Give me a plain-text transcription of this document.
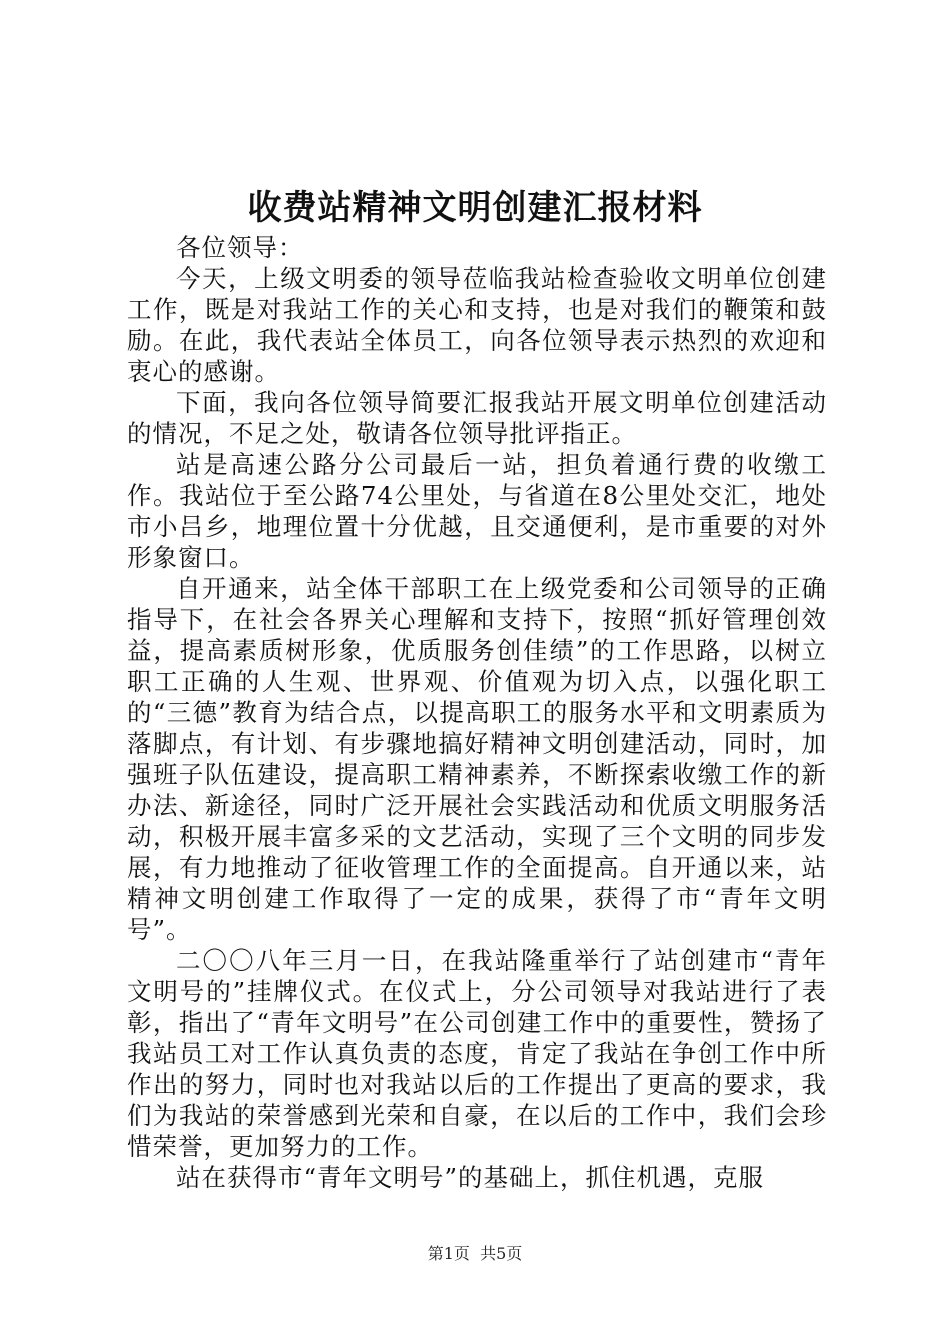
收费站精神文明创建汇报材料

各位领导：

今天，上级文明委的领导莅临我站检查验收文明单位创建工作，既是对我站工作的关心和支持，也是对我们的鞭策和鼓励。在此，我代表站全体员工，向各位领导表示热烈的欢迎和衷心的感谢。

下面，我向各位领导简要汇报我站开展文明单位创建活动的情况，不足之处，敬请各位领导批评指正。

站是高速公路分公司最后一站，担负着通行费的收缴工作。我站位于至公路74公里处，与省道在8公里处交汇，地处市小吕乡，地理位置十分优越，且交通便利，是市重要的对外形象窗口。

自开通来，站全体干部职工在上级党委和公司领导的正确指导下，在社会各界关心理解和支持下，按照“抓好管理创效益，提高素质树形象，优质服务创佳绩”的工作思路，以树立职工正确的人生观、世界观、价值观为切入点，以强化职工的“三德”教育为结合点，以提高职工的服务水平和文明素质为落脚点，有计划、有步骤地搞好精神文明创建活动，同时，加强班子队伍建设，提高职工精神素养，不断探索收缴工作的新办法、新途径，同时广泛开展社会实践活动和优质文明服务活动，积极开展丰富多采的文艺活动，实现了三个文明的同步发展，有力地推动了征收管理工作的全面提高。自开通以来，站精神文明创建工作取得了一定的成果，获得了市“青年文明号”。

二〇〇八年三月一日，在我站隆重举行了站创建市“青年文明号的”挂牌仪式。在仪式上，分公司领导对我站进行了表彰，指出了“青年文明号”在公司创建工作中的重要性，赞扬了我站员工对工作认真负责的态度，肯定了我站在争创工作中所作出的努力，同时也对我站以后的工作提出了更高的要求，我们为我站的荣誉感到光荣和自豪，在以后的工作中，我们会珍惜荣誉，更加努力的工作。

站在获得市“青年文明号”的基础上，抓住机遇，克服

第1页 共5页
